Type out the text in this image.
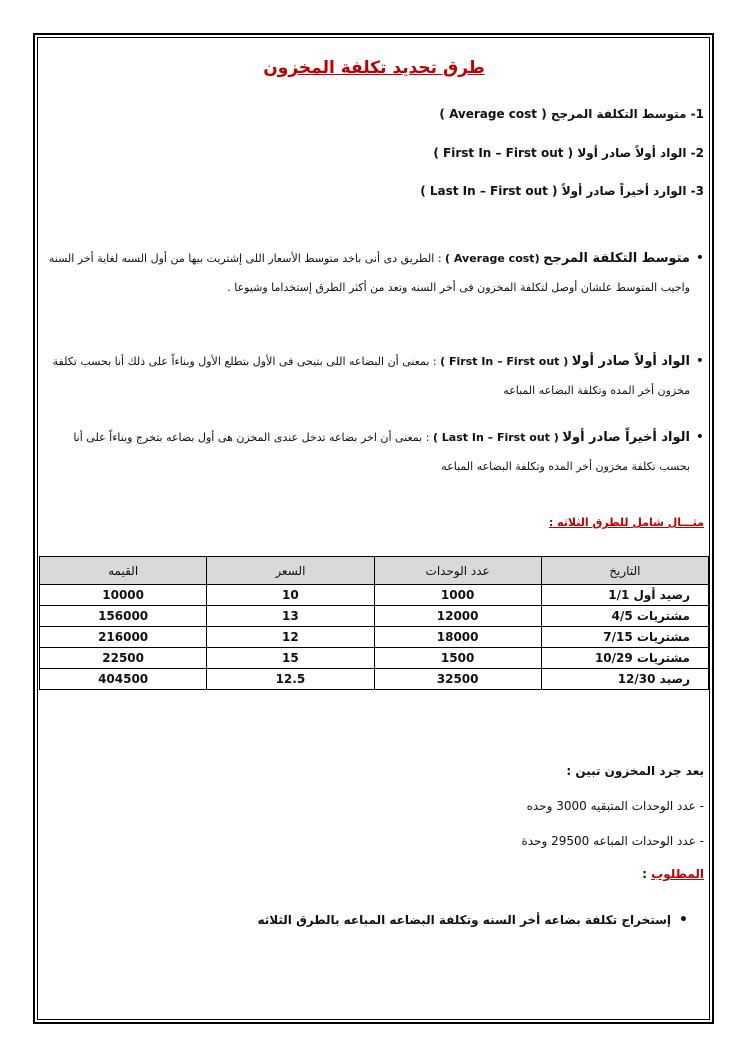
طرق تحديد تكلفة المخزون
1- متوسط التكلفة المرجح ( Average cost )
2- الواد أولاً صادر أولا ( First In – First out )
3- الوارد أخيراً صادر أولاً ( Last In – First out )
•

متوسط التكلفة المرجح (Average cost ) : الطريق دى أنى باخد متوسط الأسعار اللى إشتريت بيها من أول السنه لغاية أخر السنه واجيب المتوسط علشان أوصل لتكلفة المخزون فى أخر السنه وتعد من أكثر الطرق إستخداما وشيوعا .

•

الواد أولاً صادر أولا ( First In – First out ) : بمعنى أن البضاعه اللى بتيجى فى الأول بتطلع الأول وبناءاً على ذلك أنا بحسب تكلفة مخزون أخر المده وتكلفة البضاعه المباعه

•

الواد أخيراً صادر أولا ( Last In – First out ) : بمعنى أن اخر بضاعه تدخل عندى المخزن هى أول بضاعه بتخرج وبناءاً على أنا بحسب تكلفة مخزون أخر المده وتكلفة البضاعه المباعه

مثـــال شامل للطرق الثلاثه :
التاريخ	عدد الوحدات	السعر	القيمه
رصيد أول 1/1	1000	10	10000
مشتريات 4/5	12000	13	156000
مشتريات 7/15	18000	12	216000
مشتريات 10/29	1500	15	22500
رصيد 12/30	32500	12.5	404500
بعد جرد المخزون تبين :
- عدد الوحدات المتبقيه 3000 وحده
- عدد الوحدات المباعه 29500 وحدة
المطلوب :
•إستخراج تكلفة بضاعه أخر السنه وتكلفة البضاعه المباعه بالطرق الثلاثه
